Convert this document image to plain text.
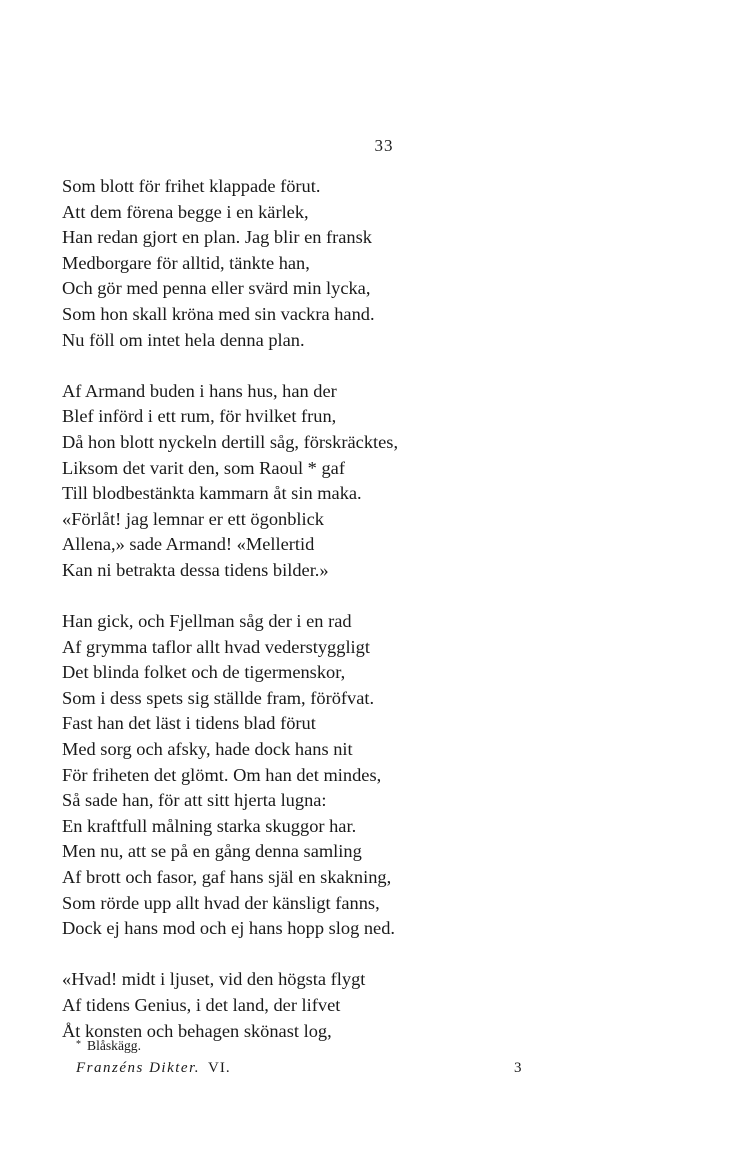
33
Som blott för frihet klappade förut.
Att dem förena begge i en kärlek,
Han redan gjort en plan. Jag blir en fransk
Medborgare för alltid, tänkte han,
Och gör med penna eller svärd min lycka,
Som hon skall kröna med sin vackra hand.
Nu föll om intet hela denna plan.
Af Armand buden i hans hus, han der
Blef införd i ett rum, för hvilket frun,
Då hon blott nyckeln dertill såg, förskräcktes,
Liksom det varit den, som Raoul * gaf
Till blodbestänkta kammarn åt sin maka.
«Förlåt! jag lemnar er ett ögonblick
Allena,» sade Armand! «Mellertid
Kan ni betrakta dessa tidens bilder.»
Han gick, och Fjellman såg der i en rad
Af grymma taflor allt hvad vederstyggligt
Det blinda folket och de tigermenskor,
Som i dess spets sig ställde fram, föröfvat.
Fast han det läst i tidens blad förut
Med sorg och afsky, hade dock hans nit
För friheten det glömt. Om han det mindes,
Så sade han, för att sitt hjerta lugna:
En kraftfull målning starka skuggor har.
Men nu, att se på en gång denna samling
Af brott och fasor, gaf hans själ en skakning,
Som rörde upp allt hvad der känsligt fanns,
Dock ej hans mod och ej hans hopp slog ned.
«Hvad! midt i ljuset, vid den högsta flygt
Af tidens Genius, i det land, der lifvet
Åt konsten och behagen skönast log,
* Blåskägg.
Franzéns Dikter. VI.	3
